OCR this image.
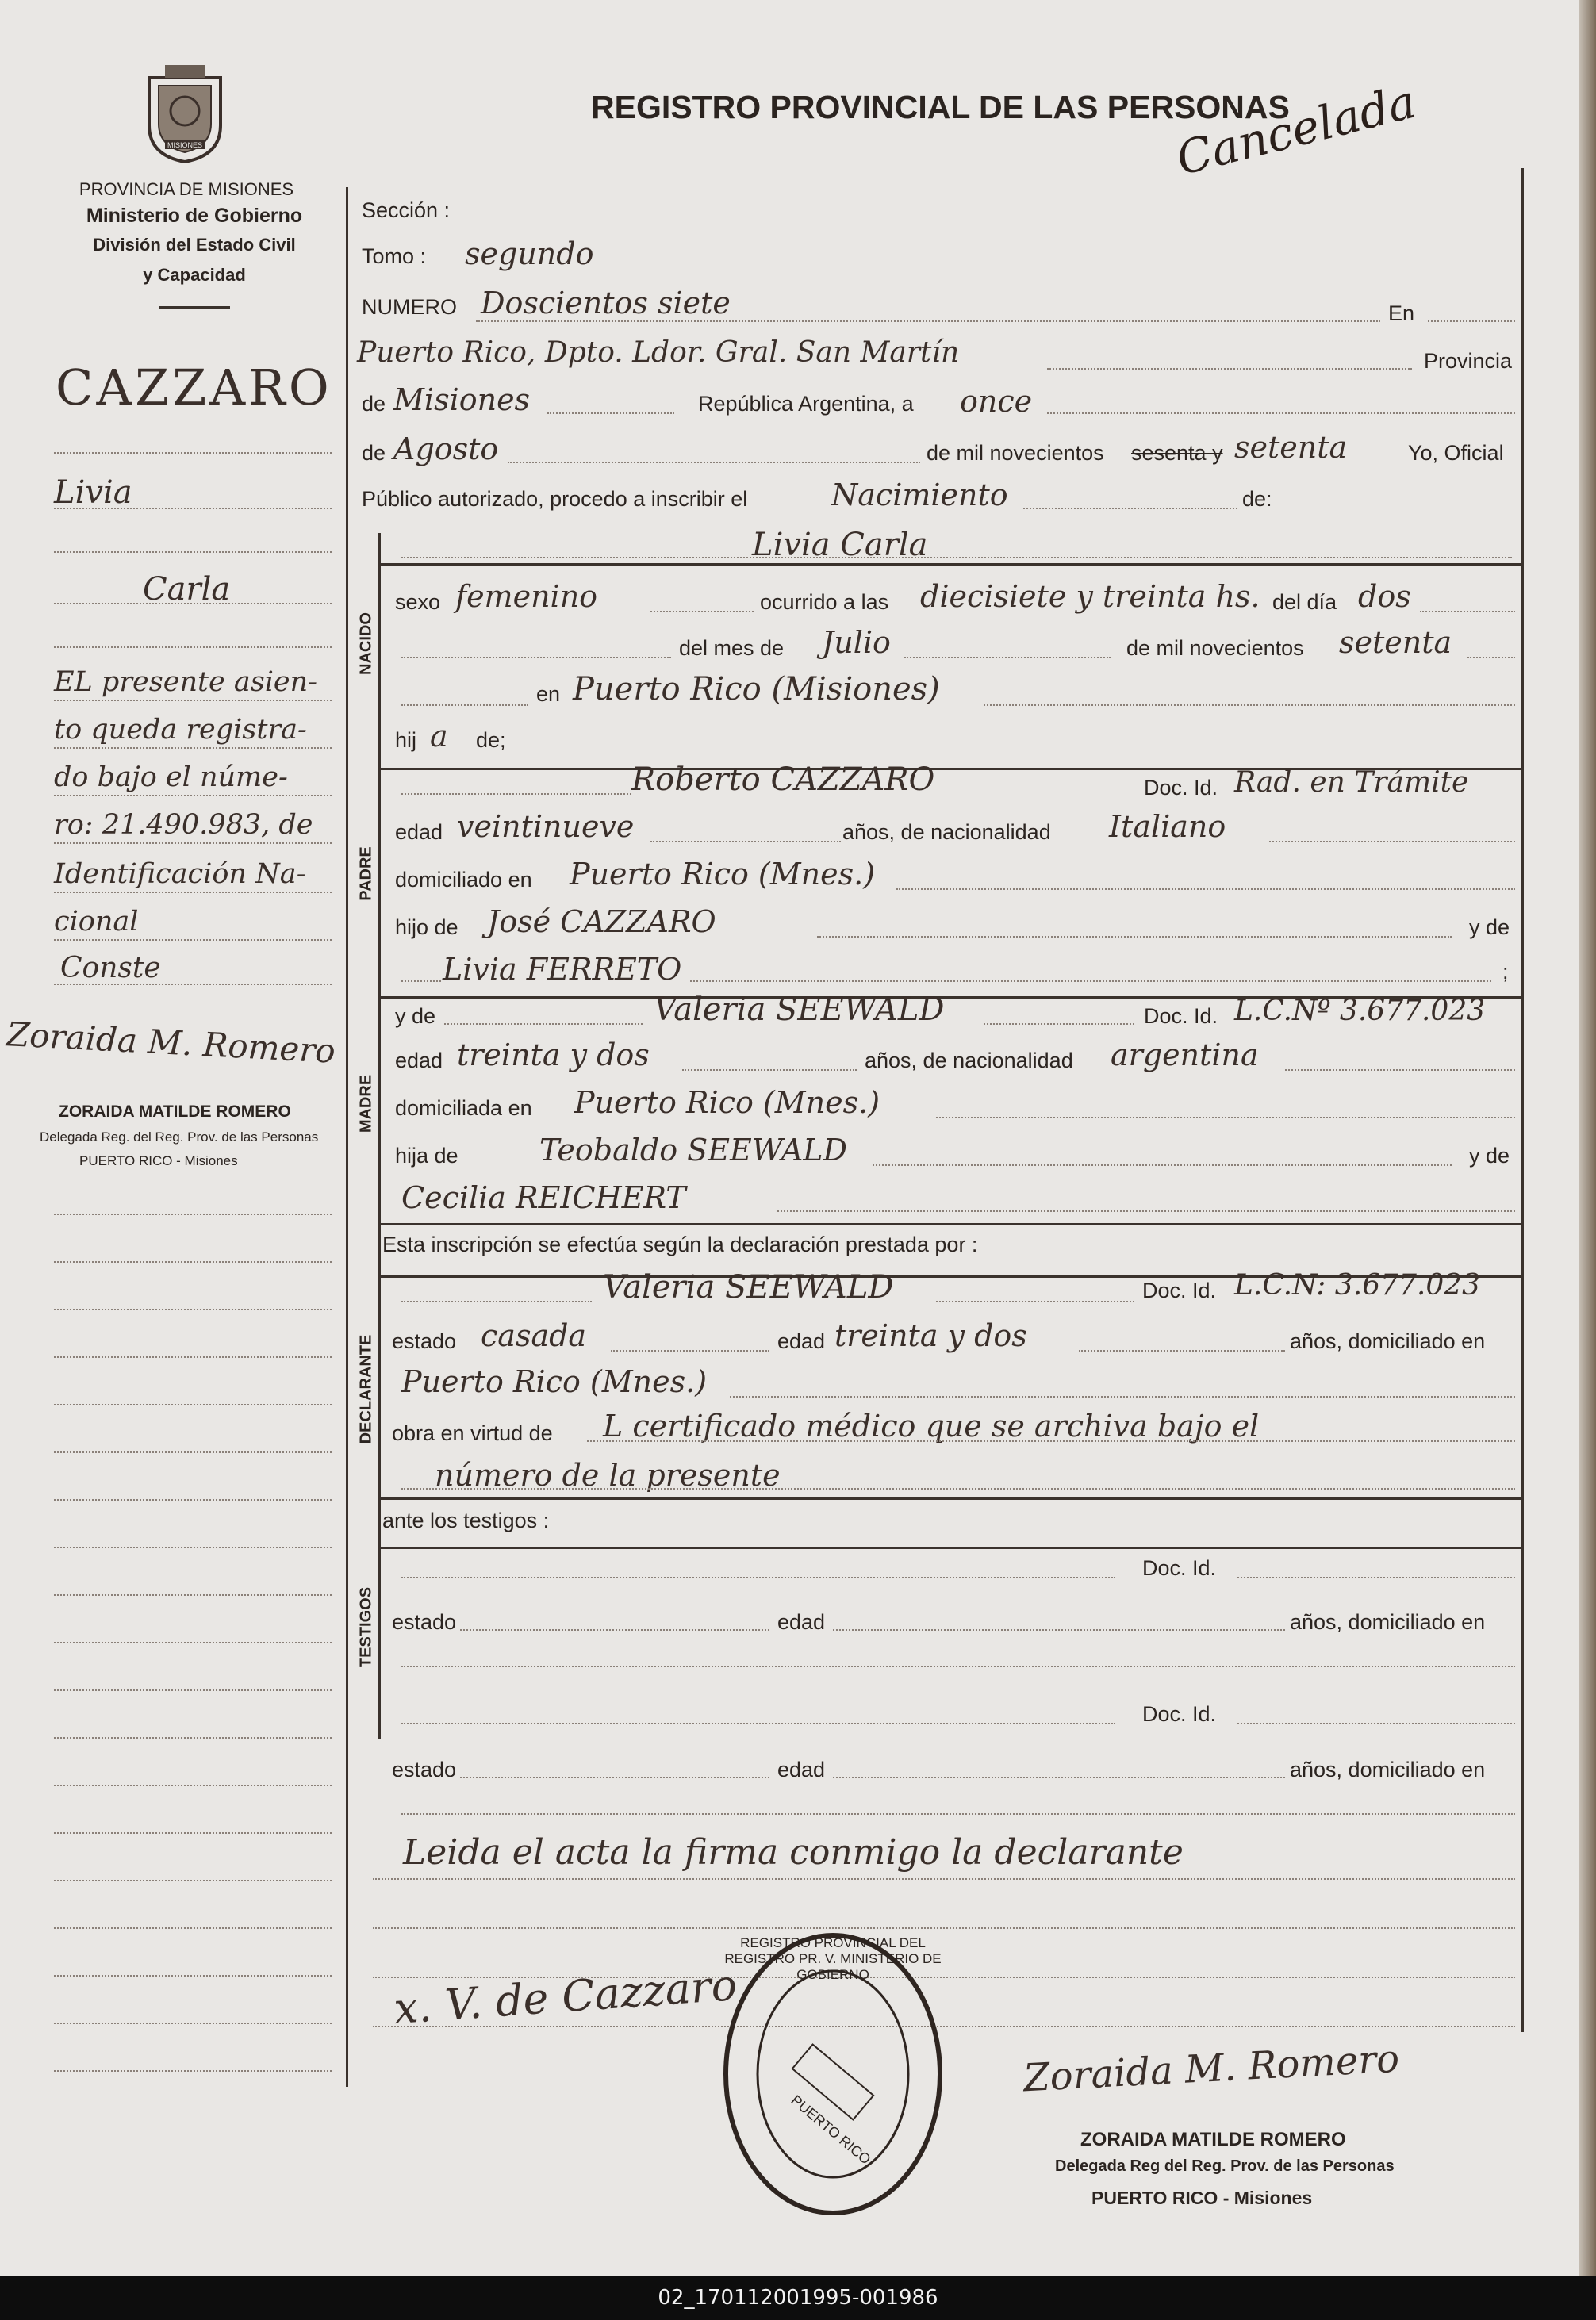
MISIONES
PROVINCIA DE MISIONES
Ministerio de Gobierno
División del Estado Civil
y Capacidad
REGISTRO PROVINCIAL DE LAS PERSONAS
Cancelada
CAZZARO
Livia
Carla
EL presente asien-
to queda registra-
do bajo el núme-
ro: 21.490.983, de
Identificación Na-
cional
Conste
Zoraida M. Romero
ZORAIDA MATILDE ROMERO
Delegada Reg. del Reg. Prov. de las Personas
PUERTO RICO - Misiones
Sección :
Tomo : segundo
NUMERO Doscientos siete	En
Puerto Rico, Dpto. Ldor. Gral. San Martín	Provincia
de Misiones	República Argentina, a once
de Agosto	de mil novecientos sesenta y setenta	Yo, Oficial
Público autorizado, procedo a inscribir el	Nacimiento	de:
NACIDO
Livia Carla
sexo femenino	ocurrido a las diecisiete y treinta hs. del día dos
del mes de Julio	de mil novecientos setenta
en Puerto Rico (Misiones)
hij a de;
PADRE
Roberto CAZZARO	Doc. Id. Rad. en Trámite
edad veintinueve	años, de nacionalidad Italiano
domiciliado en Puerto Rico (Mnes.)
hijo de José CAZZARO	y de
Livia FERRETO	;
MADRE
y de	Valeria SEEWALD	Doc. Id. L.C.Nº 3.677.023
edad treinta y dos	años, de nacionalidad argentina
domiciliada en Puerto Rico (Mnes.)
hija de	Teobaldo SEEWALD	y de
Cecilia REICHERT
Esta inscripción se efectúa según la declaración prestada por :
DECLARANTE
Valeria SEEWALD	Doc. Id. L.C.N: 3.677.023
estado casada	edad treinta y dos	años, domiciliado en
Puerto Rico (Mnes.)
obra en virtud de L certificado médico que se archiva bajo el
número de la presente
ante los testigos :
TESTIGOS
Doc. Id.
estado	edad	años, domiciliado en
Doc. Id.
estado	edad	años, domiciliado en
Leida el acta la firma conmigo la declarante
x. V. de Cazzaro
REGISTRO PROVINCIAL DEL REGISTRO PR. V. MINISTERIO DE GOBIERNO
PUERTO RICO
Zoraida M. Romero
ZORAIDA MATILDE ROMERO
Delegada Reg del Reg. Prov. de las Personas
PUERTO RICO - Misiones
02_170112001995-001986
